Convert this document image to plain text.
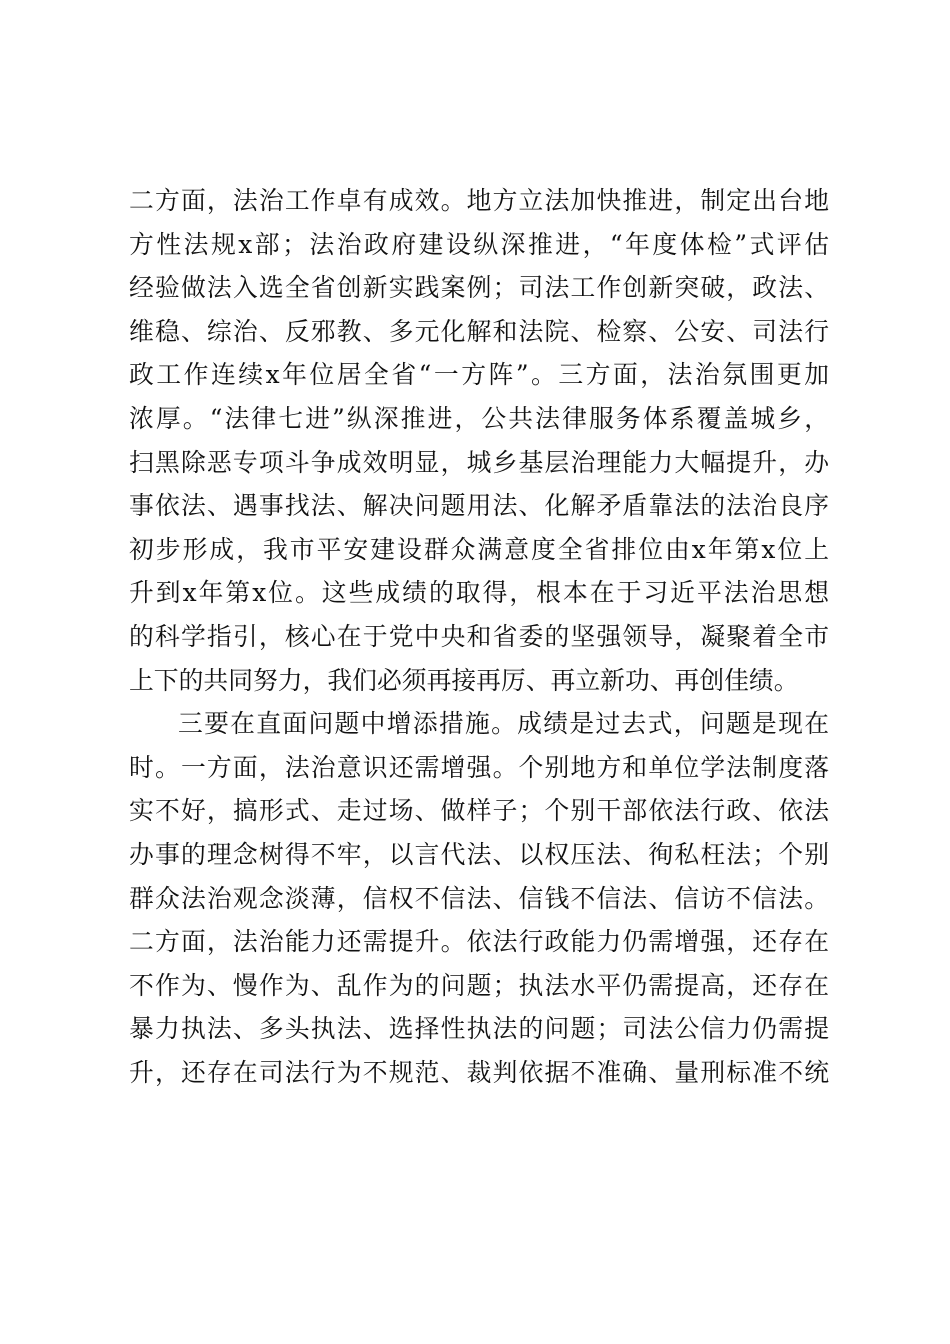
二方面，法治工作卓有成效。地方立法加快推进，制定出台地
方性法规x部；法治政府建设纵深推进，“年度体检”式评估
经验做法入选全省创新实践案例；司法工作创新突破，政法、
维稳、综治、反邪教、多元化解和法院、检察、公安、司法行
政工作连续x年位居全省“一方阵”。三方面，法治氛围更加
浓厚。“法律七进”纵深推进，公共法律服务体系覆盖城乡，
扫黑除恶专项斗争成效明显，城乡基层治理能力大幅提升，办
事依法、遇事找法、解决问题用法、化解矛盾靠法的法治良序
初步形成，我市平安建设群众满意度全省排位由x年第x位上
升到x年第x位。这些成绩的取得，根本在于习近平法治思想
的科学指引，核心在于党中央和省委的坚强领导，凝聚着全市
上下的共同努力，我们必须再接再厉、再立新功、再创佳绩。
三要在直面问题中增添措施。成绩是过去式，问题是现在
时。一方面，法治意识还需增强。个别地方和单位学法制度落
实不好，搞形式、走过场、做样子；个别干部依法行政、依法
办事的理念树得不牢，以言代法、以权压法、徇私枉法；个别
群众法治观念淡薄，信权不信法、信钱不信法、信访不信法。
二方面，法治能力还需提升。依法行政能力仍需增强，还存在
不作为、慢作为、乱作为的问题；执法水平仍需提高，还存在
暴力执法、多头执法、选择性执法的问题；司法公信力仍需提
升，还存在司法行为不规范、裁判依据不准确、量刑标准不统
